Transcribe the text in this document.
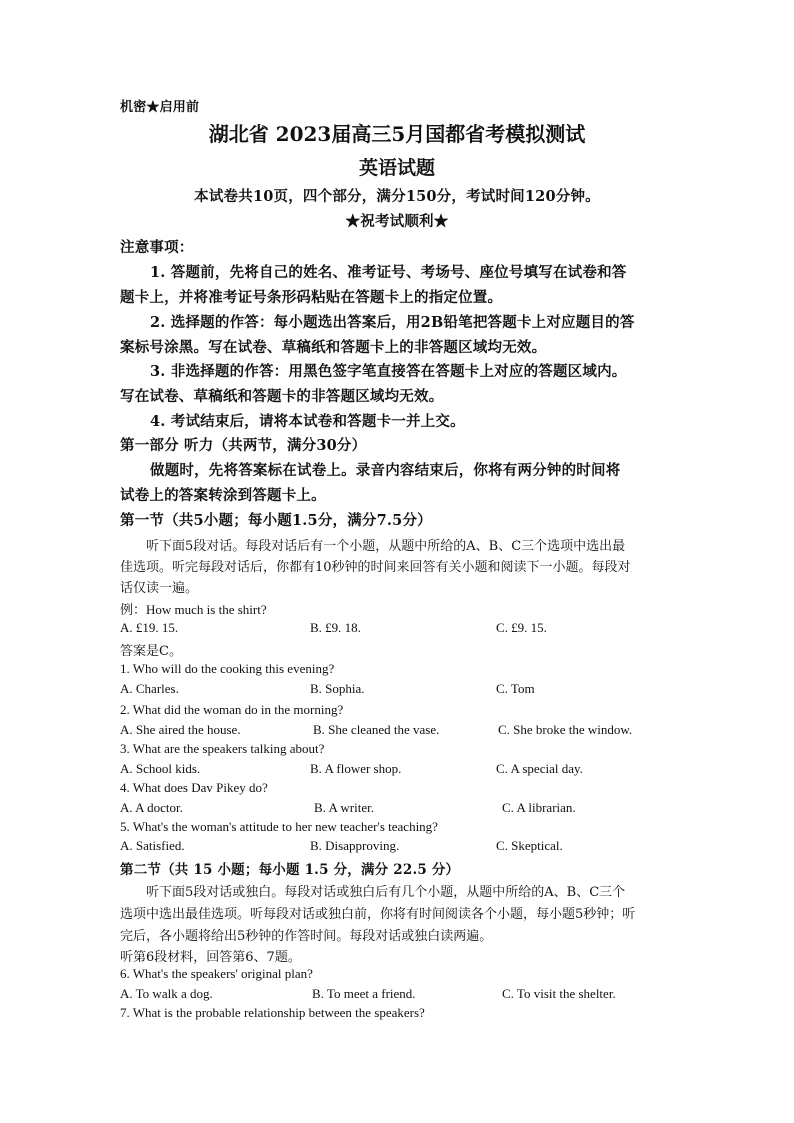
机密★启用前
湖北省 2023届高三5月国都省考模拟测试
英语试题
本试卷共10页，四个部分，满分150分，考试时间120分钟。
★祝考试顺利★
注意事项：
1. 答题前，先将自己的姓名、准考证号、考场号、座位号填写在试卷和答
题卡上，并将准考证号条形码粘贴在答题卡上的指定位置。
2. 选择题的作答：每小题选出答案后，用2B铅笔把答题卡上对应题目的答
案标号涂黑。写在试卷、草稿纸和答题卡上的非答题区域均无效。
3. 非选择题的作答：用黑色签字笔直接答在答题卡上对应的答题区域内。
写在试卷、草稿纸和答题卡的非答题区域均无效。
4. 考试结束后，请将本试卷和答题卡一并上交。
第一部分 听力（共两节，满分30分）
做题时，先将答案标在试卷上。录音内容结束后，你将有两分钟的时间将
试卷上的答案转涂到答题卡上。
第一节（共5小题；每小题1.5分，满分7.5分）
听下面5段对话。每段对话后有一个小题，从题中所给的A、B、C三个选项中选出最
佳选项。听完每段对话后，你都有10秒钟的时间来回答有关小题和阅读下一小题。每段对
话仅读一遍。
例：How much is the shirt?
A. £19. 15.	B. £9. 18.	C. £9. 15.
答案是C。
1. Who will do the cooking this evening?
A. Charles.	B. Sophia.	C. Tom
2. What did the woman do in the morning?
A. She aired the house.	B. She cleaned the vase.	C. She broke the window.
3. What are the speakers talking about?
A. School kids.	B. A flower shop.	C. A special day.
4. What does Dav Pikey do?
A. A doctor.	B. A writer.	C. A librarian.
5. What's the woman's attitude to her new teacher's teaching?
A. Satisfied.	B. Disapproving.	C. Skeptical.
第二节（共 15 小题；每小题 1.5 分，满分 22.5 分）
听下面5段对话或独白。每段对话或独白后有几个小题，从题中所给的A、B、C三个
选项中选出最佳选项。听每段对话或独白前，你将有时间阅读各个小题，每小题5秒钟；听
完后，各小题将给出5秒钟的作答时间。每段对话或独白读两遍。
听第6段材料，回答第6、7题。
6. What's the speakers' original plan?
A. To walk a dog.	B. To meet a friend.	C. To visit the shelter.
7. What is the probable relationship between the speakers?
